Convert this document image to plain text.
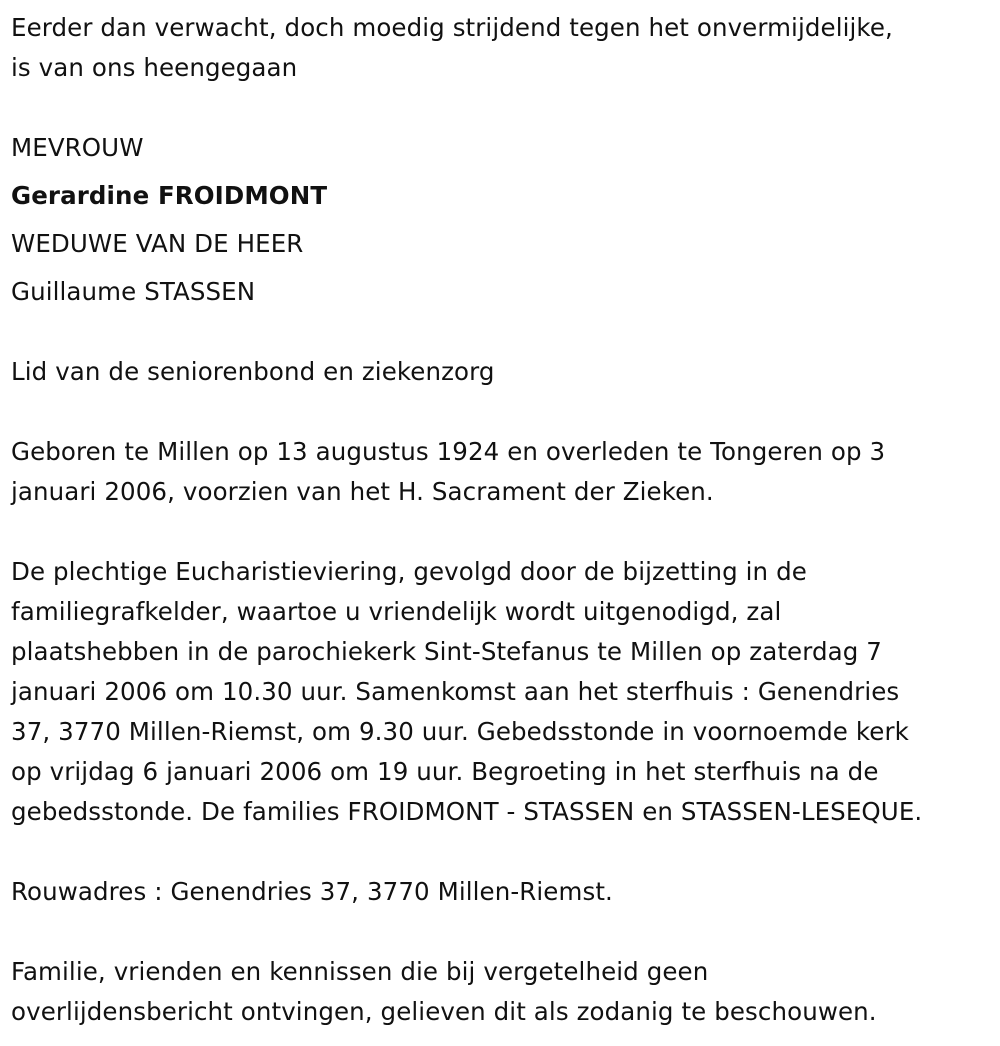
Eerder dan verwacht, doch moedig strijdend tegen het onvermijdelijke,

is van ons heengegaan

MEVROUW

Gerardine FROIDMONT

WEDUWE VAN DE HEER

Guillaume STASSEN

Lid van de seniorenbond en ziekenzorg

Geboren te Millen op 13 augustus 1924 en overleden te Tongeren op 3

januari 2006, voorzien van het H. Sacrament der Zieken.

De plechtige Eucharistieviering, gevolgd door de bijzetting in de

familiegrafkelder, waartoe u vriendelijk wordt uitgenodigd, zal

plaatshebben in de parochiekerk Sint-Stefanus te Millen op zaterdag 7

januari 2006 om 10.30 uur. Samenkomst aan het sterfhuis : Genendries

37, 3770 Millen-Riemst, om 9.30 uur. Gebedsstonde in voornoemde kerk

op vrijdag 6 januari 2006 om 19 uur. Begroeting in het sterfhuis na de

gebedsstonde. De families FROIDMONT - STASSEN en STASSEN-LESEQUE.

Rouwadres : Genendries 37, 3770 Millen-Riemst.

Familie, vrienden en kennissen die bij vergetelheid geen

overlijdensbericht ontvingen, gelieven dit als zodanig te beschouwen.
